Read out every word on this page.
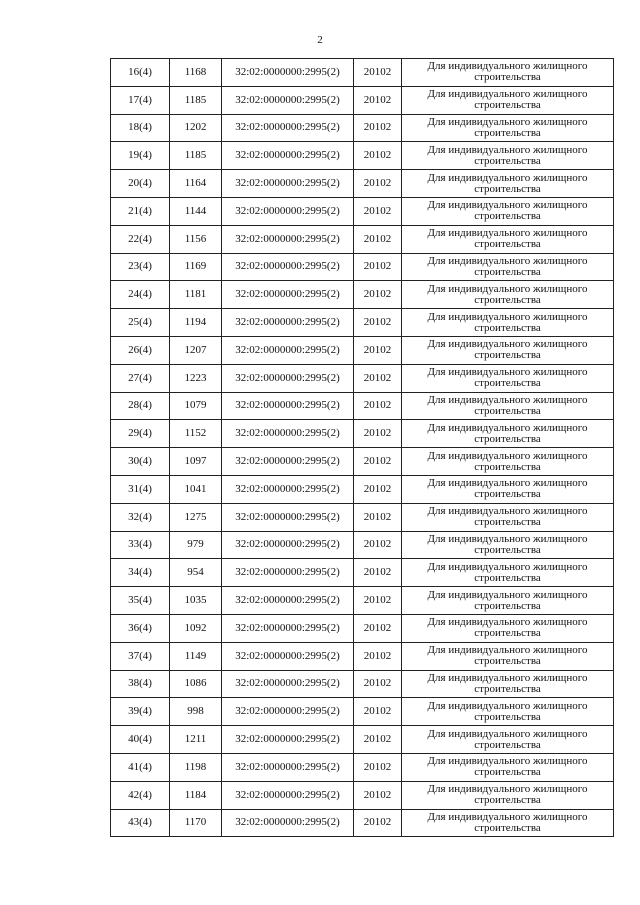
2
16(4)	1168	32:02:0000000:2995(2)	20102	Для индивидуального жилищного
строительства

17(4)	1185	32:02:0000000:2995(2)	20102	Для индивидуального жилищного
строительства

18(4)	1202	32:02:0000000:2995(2)	20102	Для индивидуального жилищного
строительства

19(4)	1185	32:02:0000000:2995(2)	20102	Для индивидуального жилищного
строительства

20(4)	1164	32:02:0000000:2995(2)	20102	Для индивидуального жилищного
строительства

21(4)	1144	32:02:0000000:2995(2)	20102	Для индивидуального жилищного
строительства

22(4)	1156	32:02:0000000:2995(2)	20102	Для индивидуального жилищного
строительства

23(4)	1169	32:02:0000000:2995(2)	20102	Для индивидуального жилищного
строительства

24(4)	1181	32:02:0000000:2995(2)	20102	Для индивидуального жилищного
строительства

25(4)	1194	32:02:0000000:2995(2)	20102	Для индивидуального жилищного
строительства

26(4)	1207	32:02:0000000:2995(2)	20102	Для индивидуального жилищного
строительства

27(4)	1223	32:02:0000000:2995(2)	20102	Для индивидуального жилищного
строительства

28(4)	1079	32:02:0000000:2995(2)	20102	Для индивидуального жилищного
строительства

29(4)	1152	32:02:0000000:2995(2)	20102	Для индивидуального жилищного
строительства

30(4)	1097	32:02:0000000:2995(2)	20102	Для индивидуального жилищного
строительства

31(4)	1041	32:02:0000000:2995(2)	20102	Для индивидуального жилищного
строительства

32(4)	1275	32:02:0000000:2995(2)	20102	Для индивидуального жилищного
строительства

33(4)	979	32:02:0000000:2995(2)	20102	Для индивидуального жилищного
строительства

34(4)	954	32:02:0000000:2995(2)	20102	Для индивидуального жилищного
строительства

35(4)	1035	32:02:0000000:2995(2)	20102	Для индивидуального жилищного
строительства

36(4)	1092	32:02:0000000:2995(2)	20102	Для индивидуального жилищного
строительства

37(4)	1149	32:02:0000000:2995(2)	20102	Для индивидуального жилищного
строительства

38(4)	1086	32:02:0000000:2995(2)	20102	Для индивидуального жилищного
строительства

39(4)	998	32:02:0000000:2995(2)	20102	Для индивидуального жилищного
строительства

40(4)	1211	32:02:0000000:2995(2)	20102	Для индивидуального жилищного
строительства

41(4)	1198	32:02:0000000:2995(2)	20102	Для индивидуального жилищного
строительства

42(4)	1184	32:02:0000000:2995(2)	20102	Для индивидуального жилищного
строительства

43(4)	1170	32:02:0000000:2995(2)	20102	Для индивидуального жилищного
строительства
